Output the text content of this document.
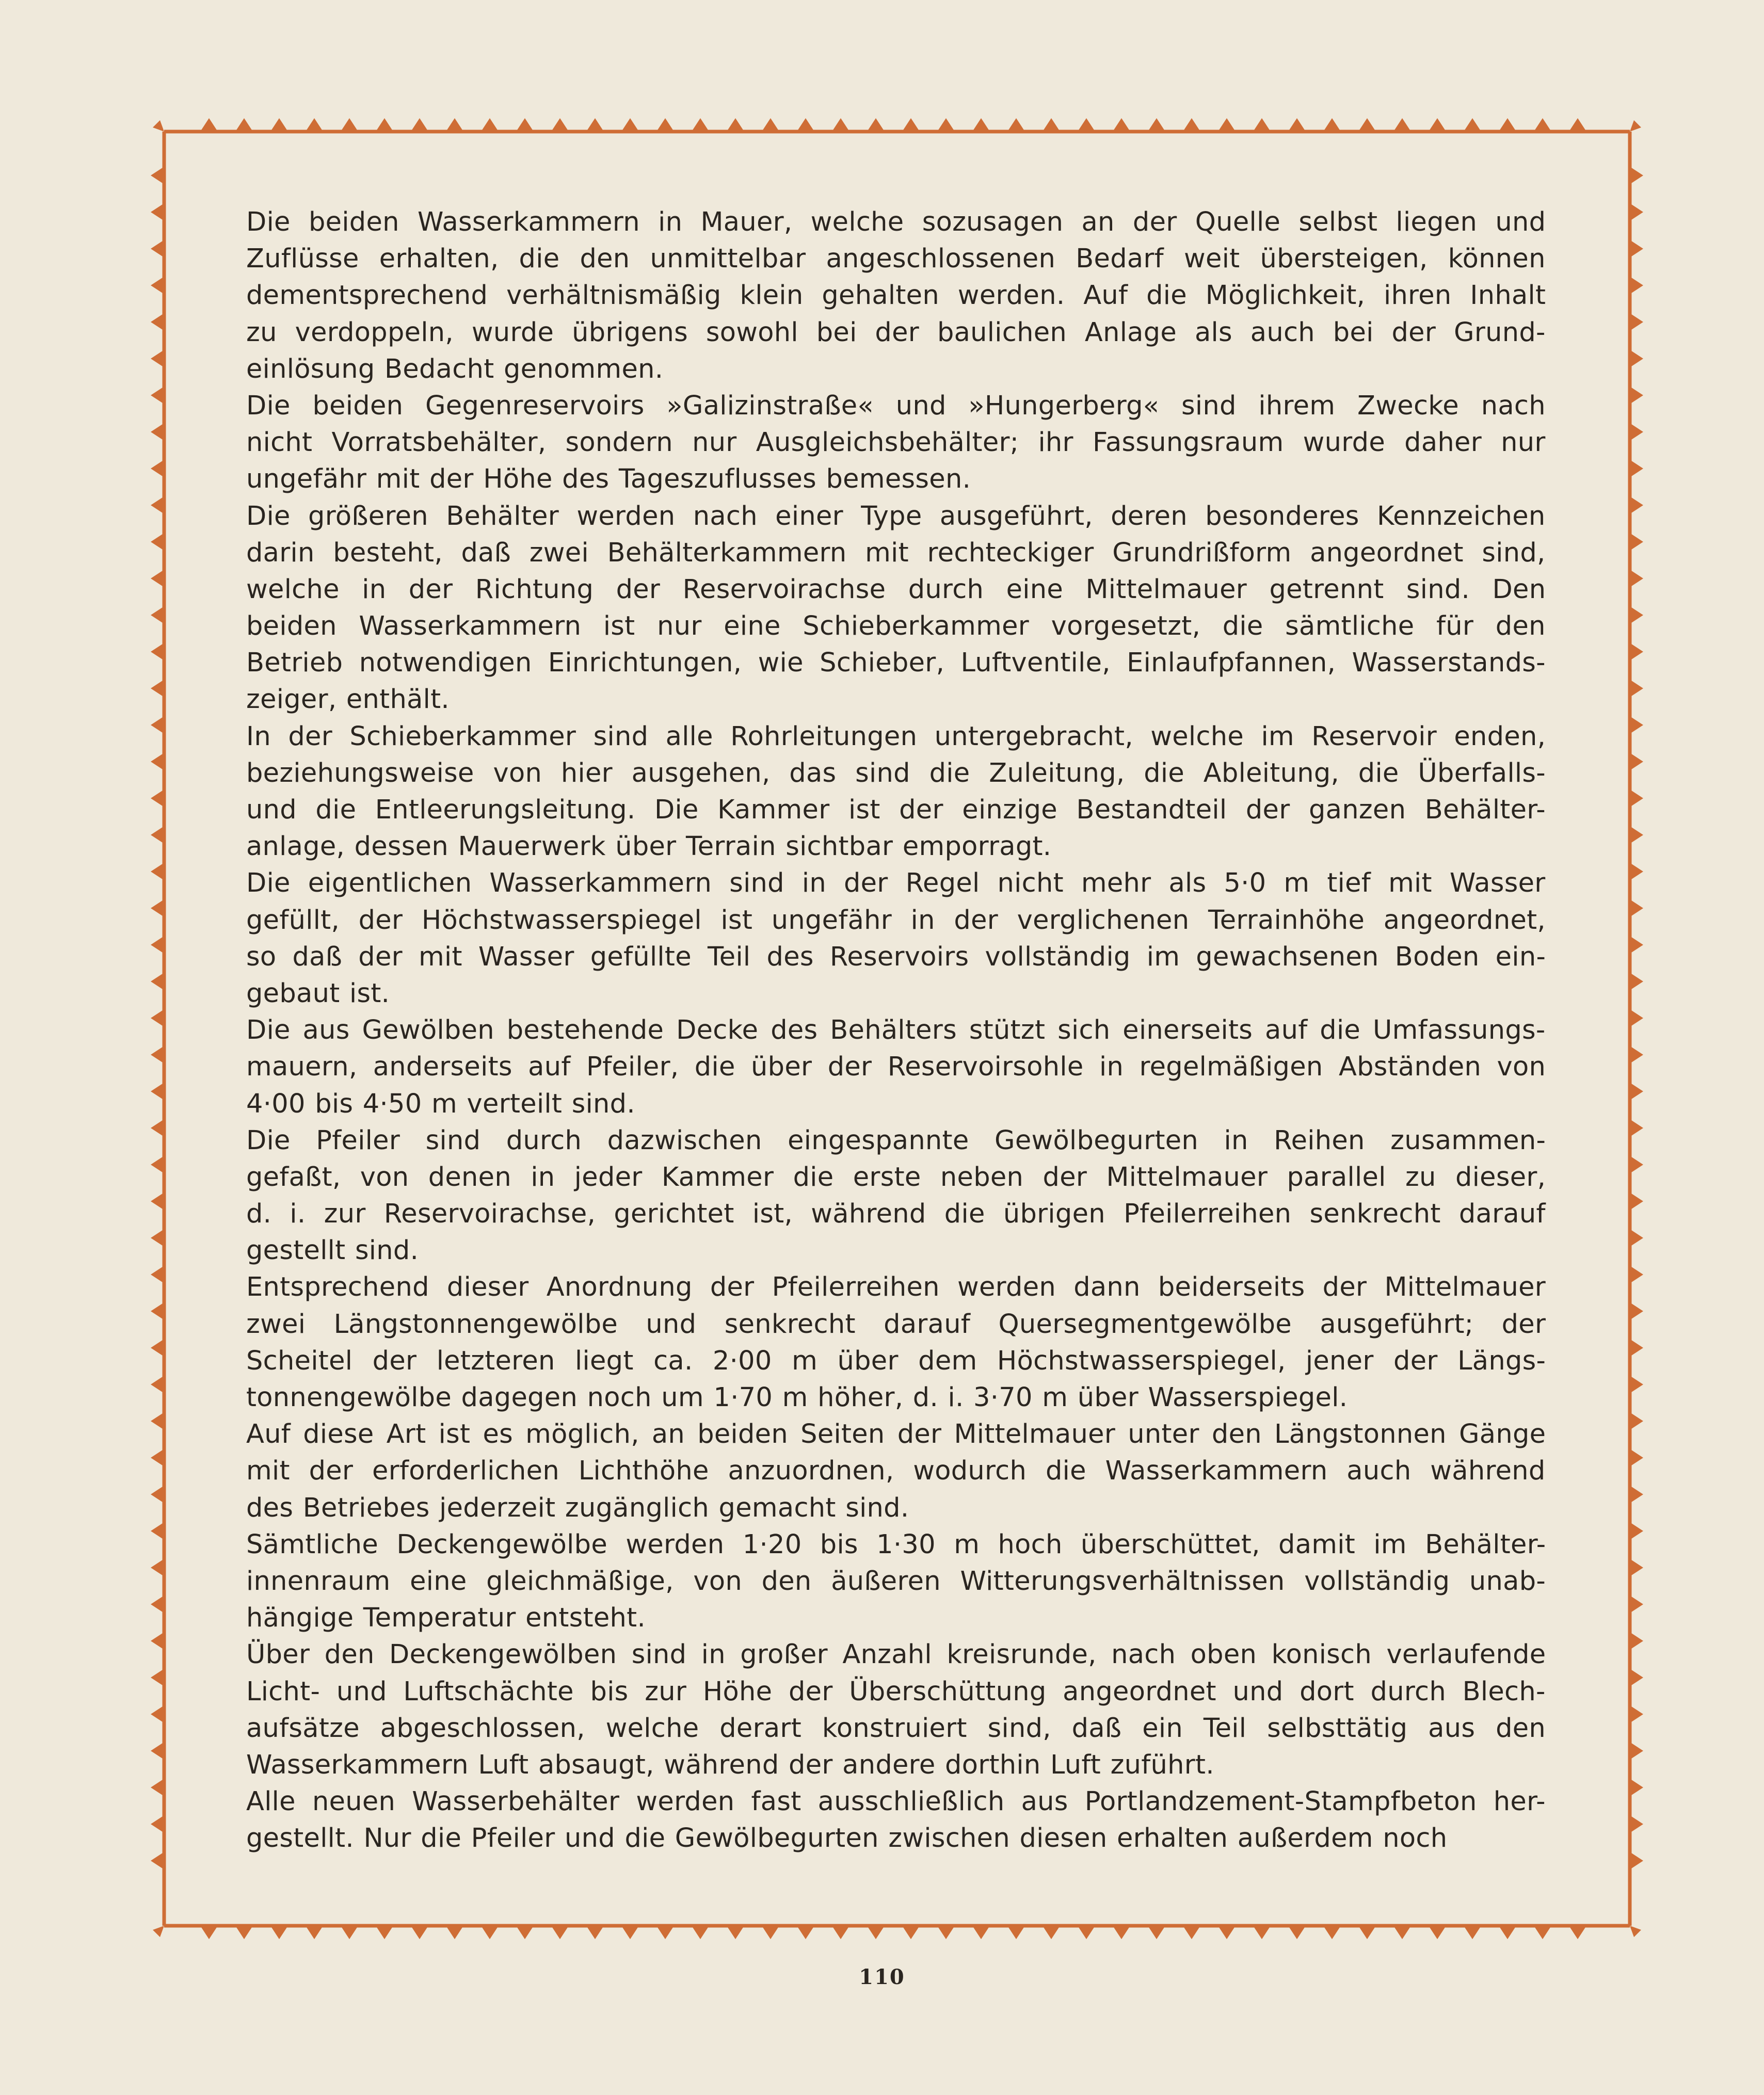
Die beiden Wasserkammern in Mauer, welche sozusagen an der Quelle selbst liegen und
Zuflüsse erhalten, die den unmittelbar angeschlossenen Bedarf weit übersteigen, können
dementsprechend verhältnismäßig klein gehalten werden. Auf die Möglichkeit, ihren Inhalt
zu verdoppeln, wurde übrigens sowohl bei der baulichen Anlage als auch bei der Grund-
einlösung Bedacht genommen.
Die beiden Gegenreservoirs »Galizinstraße« und »Hungerberg« sind ihrem Zwecke nach
nicht Vorratsbehälter, sondern nur Ausgleichsbehälter; ihr Fassungsraum wurde daher nur
ungefähr mit der Höhe des Tageszuflusses bemessen.
Die größeren Behälter werden nach einer Type ausgeführt, deren besonderes Kennzeichen
darin besteht, daß zwei Behälterkammern mit rechteckiger Grundrißform angeordnet sind,
welche in der Richtung der Reservoirachse durch eine Mittelmauer getrennt sind. Den
beiden Wasserkammern ist nur eine Schieberkammer vorgesetzt, die sämtliche für den
Betrieb notwendigen Einrichtungen, wie Schieber, Luftventile, Einlaufpfannen, Wasserstands-
zeiger, enthält.
In der Schieberkammer sind alle Rohrleitungen untergebracht, welche im Reservoir enden,
beziehungsweise von hier ausgehen, das sind die Zuleitung, die Ableitung, die Überfalls-
und die Entleerungsleitung. Die Kammer ist der einzige Bestandteil der ganzen Behälter-
anlage, dessen Mauerwerk über Terrain sichtbar emporragt.
Die eigentlichen Wasserkammern sind in der Regel nicht mehr als 5·0 m tief mit Wasser
gefüllt, der Höchstwasserspiegel ist ungefähr in der verglichenen Terrainhöhe angeordnet,
so daß der mit Wasser gefüllte Teil des Reservoirs vollständig im gewachsenen Boden ein-
gebaut ist.
Die aus Gewölben bestehende Decke des Behälters stützt sich einerseits auf die Umfassungs-
mauern, anderseits auf Pfeiler, die über der Reservoirsohle in regelmäßigen Abständen von
4·00 bis 4·50 m verteilt sind.
Die Pfeiler sind durch dazwischen eingespannte Gewölbegurten in Reihen zusammen-
gefaßt, von denen in jeder Kammer die erste neben der Mittelmauer parallel zu dieser,
d. i. zur Reservoirachse, gerichtet ist, während die übrigen Pfeilerreihen senkrecht darauf
gestellt sind.
Entsprechend dieser Anordnung der Pfeilerreihen werden dann beiderseits der Mittelmauer
zwei Längstonnengewölbe und senkrecht darauf Quersegmentgewölbe ausgeführt; der
Scheitel der letzteren liegt ca. 2·00 m über dem Höchstwasserspiegel, jener der Längs-
tonnengewölbe dagegen noch um 1·70 m höher, d. i. 3·70 m über Wasserspiegel.
Auf diese Art ist es möglich, an beiden Seiten der Mittelmauer unter den Längstonnen Gänge
mit der erforderlichen Lichthöhe anzuordnen, wodurch die Wasserkammern auch während
des Betriebes jederzeit zugänglich gemacht sind.
Sämtliche Deckengewölbe werden 1·20 bis 1·30 m hoch überschüttet, damit im Behälter-
innenraum eine gleichmäßige, von den äußeren Witterungsverhältnissen vollständig unab-
hängige Temperatur entsteht.
Über den Deckengewölben sind in großer Anzahl kreisrunde, nach oben konisch verlaufende
Licht- und Luftschächte bis zur Höhe der Überschüttung angeordnet und dort durch Blech-
aufsätze abgeschlossen, welche derart konstruiert sind, daß ein Teil selbsttätig aus den
Wasserkammern Luft absaugt, während der andere dorthin Luft zuführt.
Alle neuen Wasserbehälter werden fast ausschließlich aus Portlandzement-Stampfbeton her-
gestellt. Nur die Pfeiler und die Gewölbegurten zwischen diesen erhalten außerdem noch
110
